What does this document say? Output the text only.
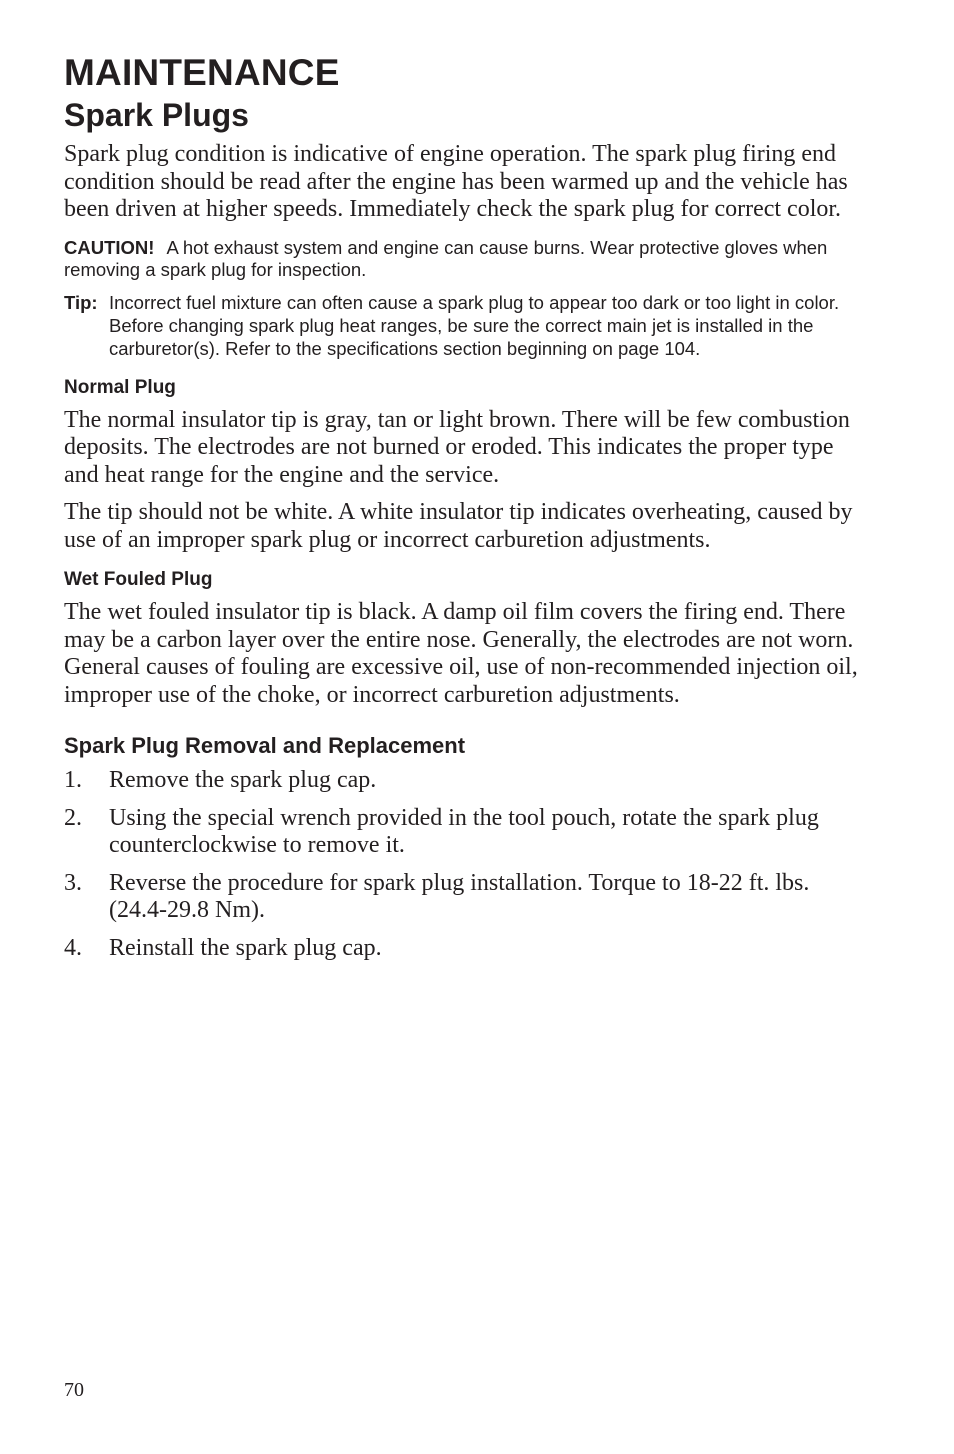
MAINTENANCE
Spark Plugs

Spark plug condition is indicative of engine operation. The spark plug firing end condition should be read after the engine has been warmed up and the vehicle has been driven at higher speeds. Immediately check the spark plug for correct color.

CAUTION! A hot exhaust system and engine can cause burns. Wear protective gloves when removing a spark plug for inspection.

Tip: Incorrect fuel mixture can often cause a spark plug to appear too dark or too light in color. Before changing spark plug heat ranges, be sure the correct main jet is installed in the carburetor(s). Refer to the specifications section beginning on page 104.
Normal Plug

The normal insulator tip is gray, tan or light brown. There will be few combustion deposits. The electrodes are not burned or eroded. This indicates the proper type and heat range for the engine and the service.

The tip should not be white. A white insulator tip indicates overheating, caused by use of an improper spark plug or incorrect carburetion adjustments.

Wet Fouled Plug

The wet fouled insulator tip is black. A damp oil film covers the firing end. There may be a carbon layer over the entire nose. Generally, the electrodes are not worn. General causes of fouling are excessive oil, use of non-recommended injection oil, improper use of the choke, or incorrect carburetion adjustments.

Spark Plug Removal and Replacement
1. Remove the spark plug cap.
2. Using the special wrench provided in the tool pouch, rotate the spark plug counterclockwise to remove it.
3. Reverse the procedure for spark plug installation. Torque to 18-22 ft. lbs. (24.4-29.8 Nm).
4. Reinstall the spark plug cap.
70
